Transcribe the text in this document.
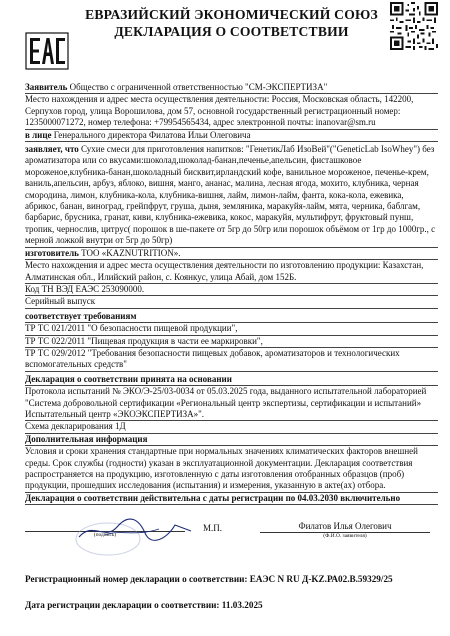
ЕВРАЗИЙСКИЙ ЭКОНОМИЧЕСКИЙ СОЮЗ
ДЕКЛАРАЦИЯ О СООТВЕТСТВИИ
Заявитель Общество с ограниченной ответственностью "СМ-ЭКСПЕРТИЗА"
Место нахождения и адрес места осуществления деятельности: Россия, Московская область, 142200, Серпухов город, улица Ворошилова, дом 57, основной государственный регистрационный номер: 1235000071272, номер телефона: +79954565434, адрес электронной почты: inanovar@sm.ru
в лице Генерального директора Филатова Ильи Олеговича
заявляет, что Сухие смеси для приготовления напитков: "ГенетикЛаб ИзоВей"("GeneticLab IsoWhey") без ароматизатора или со вкусами:шоколад,шоколад-банан,печенье,апельсин, фисташковое мороженое,клубника-банан,шоколадный бисквит,ирландский кофе, ванильное мороженое, печенье-крем, ваниль,апельсин, арбуз, яблоко, вишня, манго, ананас, малина, лесная ягода, мохито, клубника, черная смородина, лимон, клубника-кола, клубника-вишня, лайм, лимон-лайм, фанта, кока-кола, ежевика, абрикос, банан, виноград, грейпфрут, груша, дыня, земляника, маракуйя-лайм, мята, черника, баблгам, барбарис, брусника, гранат, киви, клубника-ежевика, кокос, маракуйя, мультифрут, фруктовый пунш, тропик, чернослив, цитрус( порошок в ше-пакете от 5гр до 50гр или порошок объёмом от 1гр до 1000гр., с мерной ложкой внутри от 5гр до 50гр)
изготовитель ТОО «KAZNUTRITION».
Место нахождения и адрес места осуществления деятельности по изготовлению продукции: Казахстан, Алматинская обл., Илийский район, с. Коянкус, улица Абай, дом 152Б.
Код ТН ВЭД ЕАЭС 253090000.
Серийный выпуск
соответствует требованиям
ТР ТС 021/2011 "О безопасности пищевой продукции",
ТР ТС 022/2011 "Пищевая продукция в части ее маркировки",
ТР ТС 029/2012 "Требования безопасности пищевых добавок, ароматизаторов и технологических вспомогательных средств"
Декларация о соответствии принята на основании
Протокола испытаний № ЭКО/Э-25/03-0034 от 05.03.2025 года, выданного испытательной лабораторией "Система добровольной сертификации «Региональный центр экспертизы, сертификации и испытаний» Испытательный центр «ЭКОЭКСПЕРТИЗА»".
Схема декларирования 1Д
Дополнительная информация
Условия и сроки хранения стандартные при нормальных значениях климатических факторов внешней среды. Срок службы (годности) указан в эксплуатационной документации. Декларация соответствия распространяется на продукцию, изготовленную с даты изготовления отобранных образцов (проб) продукции, прошедших исследования (испытания) и измерения, указанную в акте(ах) отбора.
Декларация о соответствии действительна с даты регистрации по 04.03.2030 включительно
(подпись)
М.П.	Филатов Илья Олегович
(Ф.И.О. заявителя)
Регистрационный номер декларации о соответствии: ЕАЭС N RU Д-KZ.РА02.В.59329/25
Дата регистрации декларации о соответствии: 11.03.2025
